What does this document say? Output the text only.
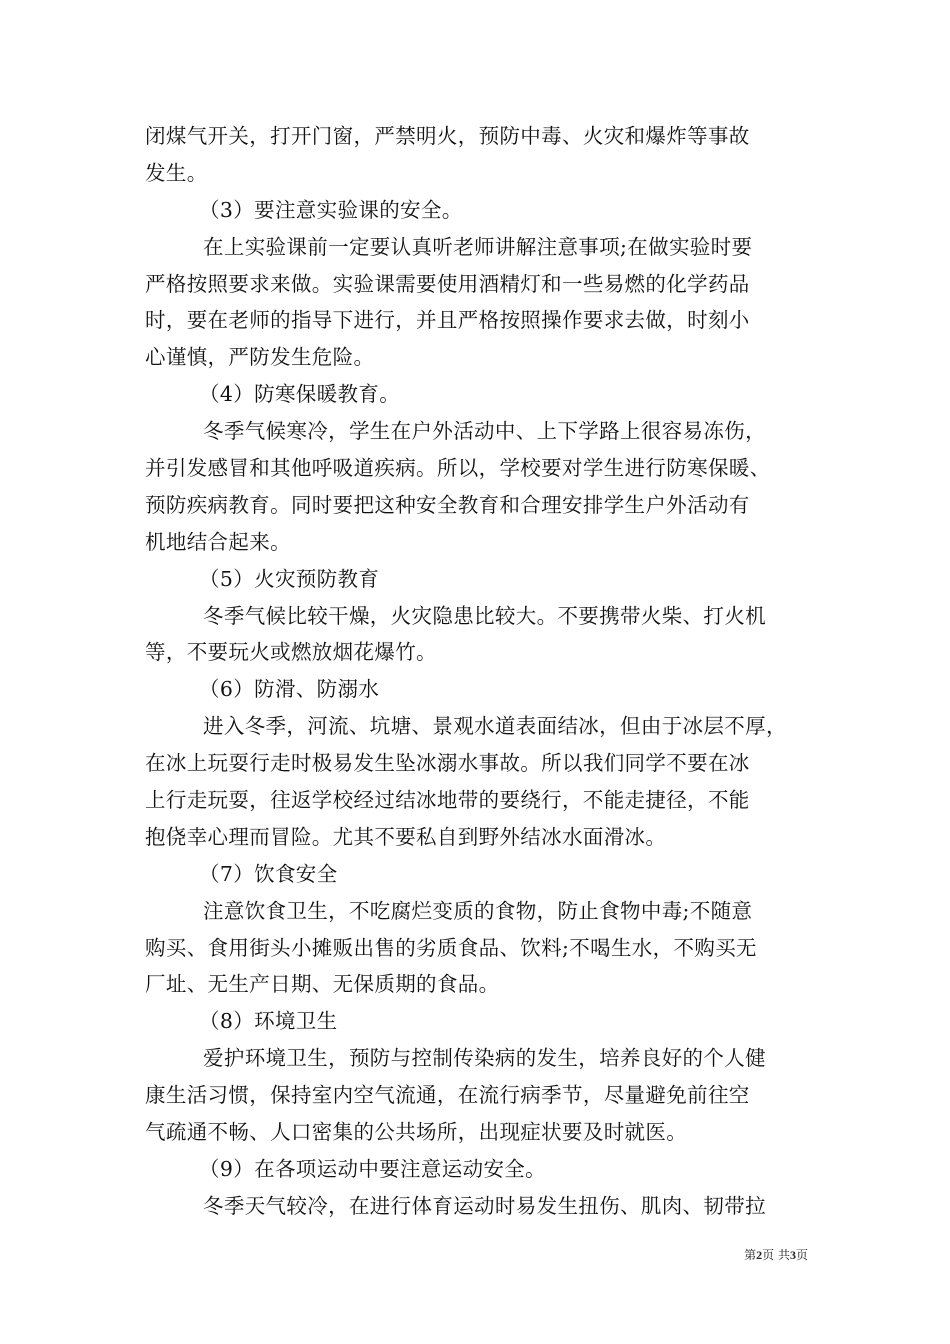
闭煤气开关，打开门窗，严禁明火，预防中毒、火灾和爆炸等事故
发生。
（3）要注意实验课的安全。
在上实验课前一定要认真听老师讲解注意事项;在做实验时要
严格按照要求来做。实验课需要使用酒精灯和一些易燃的化学药品
时，要在老师的指导下进行，并且严格按照操作要求去做，时刻小
心谨慎，严防发生危险。
（4）防寒保暖教育。
冬季气候寒冷，学生在户外活动中、上下学路上很容易冻伤，
并引发感冒和其他呼吸道疾病。所以，学校要对学生进行防寒保暖、
预防疾病教育。同时要把这种安全教育和合理安排学生户外活动有
机地结合起来。
（5）火灾预防教育
冬季气候比较干燥，火灾隐患比较大。不要携带火柴、打火机
等，不要玩火或燃放烟花爆竹。
（6）防滑、防溺水
进入冬季，河流、坑塘、景观水道表面结冰，但由于冰层不厚，
在冰上玩耍行走时极易发生坠冰溺水事故。所以我们同学不要在冰
上行走玩耍，往返学校经过结冰地带的要绕行，不能走捷径，不能
抱侥幸心理而冒险。尤其不要私自到野外结冰水面滑冰。
（7）饮食安全
注意饮食卫生，不吃腐烂变质的食物，防止食物中毒;不随意
购买、食用街头小摊贩出售的劣质食品、饮料;不喝生水，不购买无
厂址、无生产日期、无保质期的食品。
（8）环境卫生
爱护环境卫生，预防与控制传染病的发生，培养良好的个人健
康生活习惯，保持室内空气流通，在流行病季节，尽量避免前往空
气疏通不畅、人口密集的公共场所，出现症状要及时就医。
（9）在各项运动中要注意运动安全。
冬季天气较冷，在进行体育运动时易发生扭伤、肌肉、韧带拉
第2页 共3页
